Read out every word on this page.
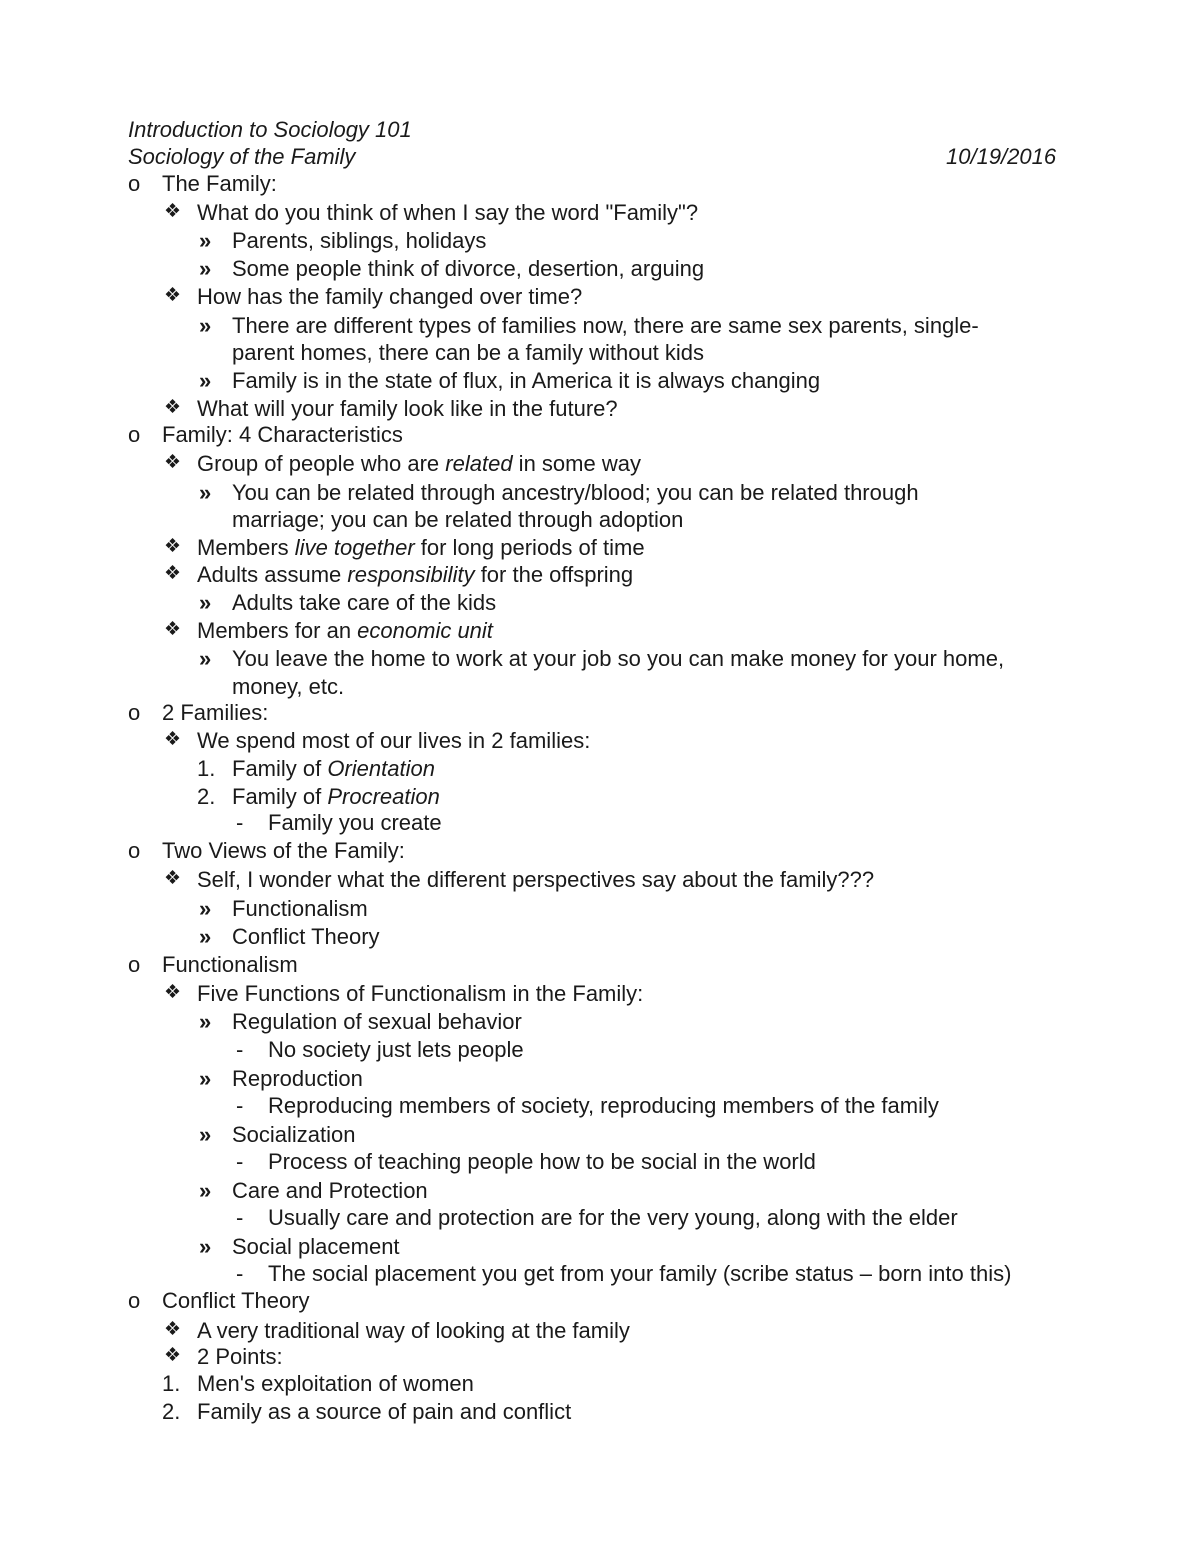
Introduction to Sociology 101
Sociology of the Family	10/19/2016
o The Family:
❖ What do you think of when I say the word "Family"?
» Parents, siblings, holidays
» Some people think of divorce, desertion, arguing
❖ How has the family changed over time?
» There are different types of families now, there are same sex parents, single-
parent homes, there can be a family without kids
» Family is in the state of flux, in America it is always changing
❖ What will your family look like in the future?
o Family: 4 Characteristics
❖ Group of people who are related in some way
» You can be related through ancestry/blood; you can be related through
marriage; you can be related through adoption
❖ Members live together for long periods of time
❖ Adults assume responsibility for the offspring
» Adults take care of the kids
❖ Members for an economic unit
» You leave the home to work at your job so you can make money for your home,
money, etc.
o 2 Families:
❖ We spend most of our lives in 2 families:
1. Family of Orientation
2. Family of Procreation
- Family you create
o Two Views of the Family:
❖ Self, I wonder what the different perspectives say about the family???
» Functionalism
» Conflict Theory
o Functionalism
❖ Five Functions of Functionalism in the Family:
» Regulation of sexual behavior
- No society just lets people
» Reproduction
- Reproducing members of society, reproducing members of the family
» Socialization
- Process of teaching people how to be social in the world
» Care and Protection
- Usually care and protection are for the very young, along with the elder
» Social placement
- The social placement you get from your family (scribe status – born into this)
o Conflict Theory
❖ A very traditional way of looking at the family
❖ 2 Points:
1. Men's exploitation of women
2. Family as a source of pain and conflict
